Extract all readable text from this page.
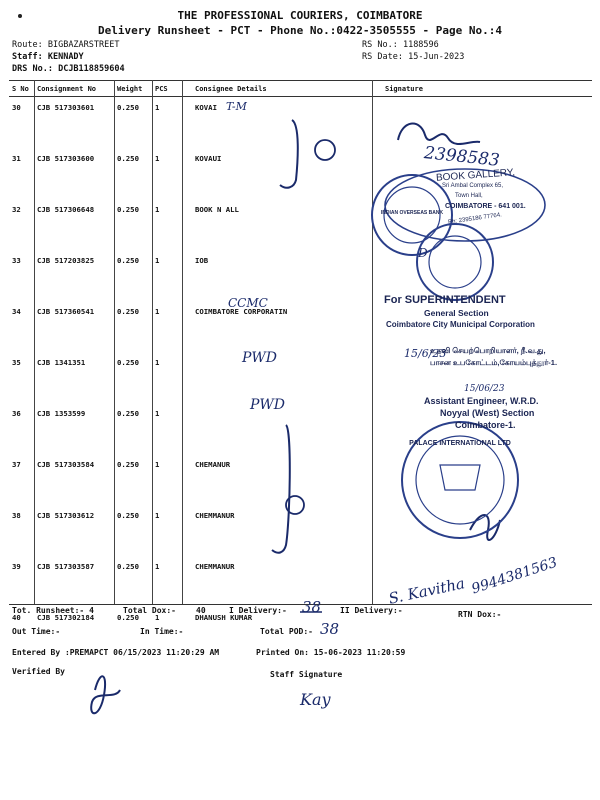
THE PROFESSIONAL COURIERS, COIMBATORE
Delivery Runsheet - PCT - Phone No.:0422-3505555 - Page No.:4
Route: BIGBAZARSTREET
Staff: KENNADY
DRS No.: DCJB118859604
RS No.: 1188596
RS Date: 15-Jun-2023
S No	Consignment No	Weight	PCS	Consignee Details	Signature
30	CJB 517303601	0.250	1	KOVAI	
31	CJB 517303600	0.250	1	KOVAUI	
32	CJB 517306648	0.250	1	BOOK N ALL	
33	CJB 517203825	0.250	1	IOB	
34	CJB 517360541	0.250	1	COIMBATORE CORPORATIN	
35	CJB 1341351	0.250	1		
36	CJB 1353599	0.250	1		
37	CJB 517303584	0.250	1	CHEMANUR	
38	CJB 517303612	0.250	1	CHEMMANUR	
39	CJB 517303587	0.250	1	CHEMMANUR	
40	CJB 517302184	0.250	1	DHANUSH KUMAR	
T-M
2398583
D
CCMC
PWD
PWD
S. Kavitha 9944381563
Kay
BOOK GALLERY,
Sri Ambal Complex 65,
Town Hall,
COIMBATORE - 641 001.
Ph: 2395186 77764.
INDIAN OVERSEAS BANK
For SUPERINTENDENT
General Section
Coimbatore City Municipal Corporation
15/6/23
உதவி செயற்பொறியாளர், நீ.வ.து,
பாசன உபகோட்டம்,கோயம்புத்தூர்-1.
15/06/23
Assistant Engineer, W.R.D.
Noyyal (West) Section
Coimbatore-1.
PALACE INTERNATIONAL LTD
Tot. Runsheet:- 4	Total Dox:-	40	I Delivery:- 38 II Delivery:-	RTN Dox:-
Out Time:-	In Time:-	Total POD:- 38
Entered By :PREMAPCT 06/15/2023 11:20:29 AM	Printed On: 15-06-2023 11:20:59
Verified By	Staff Signature
